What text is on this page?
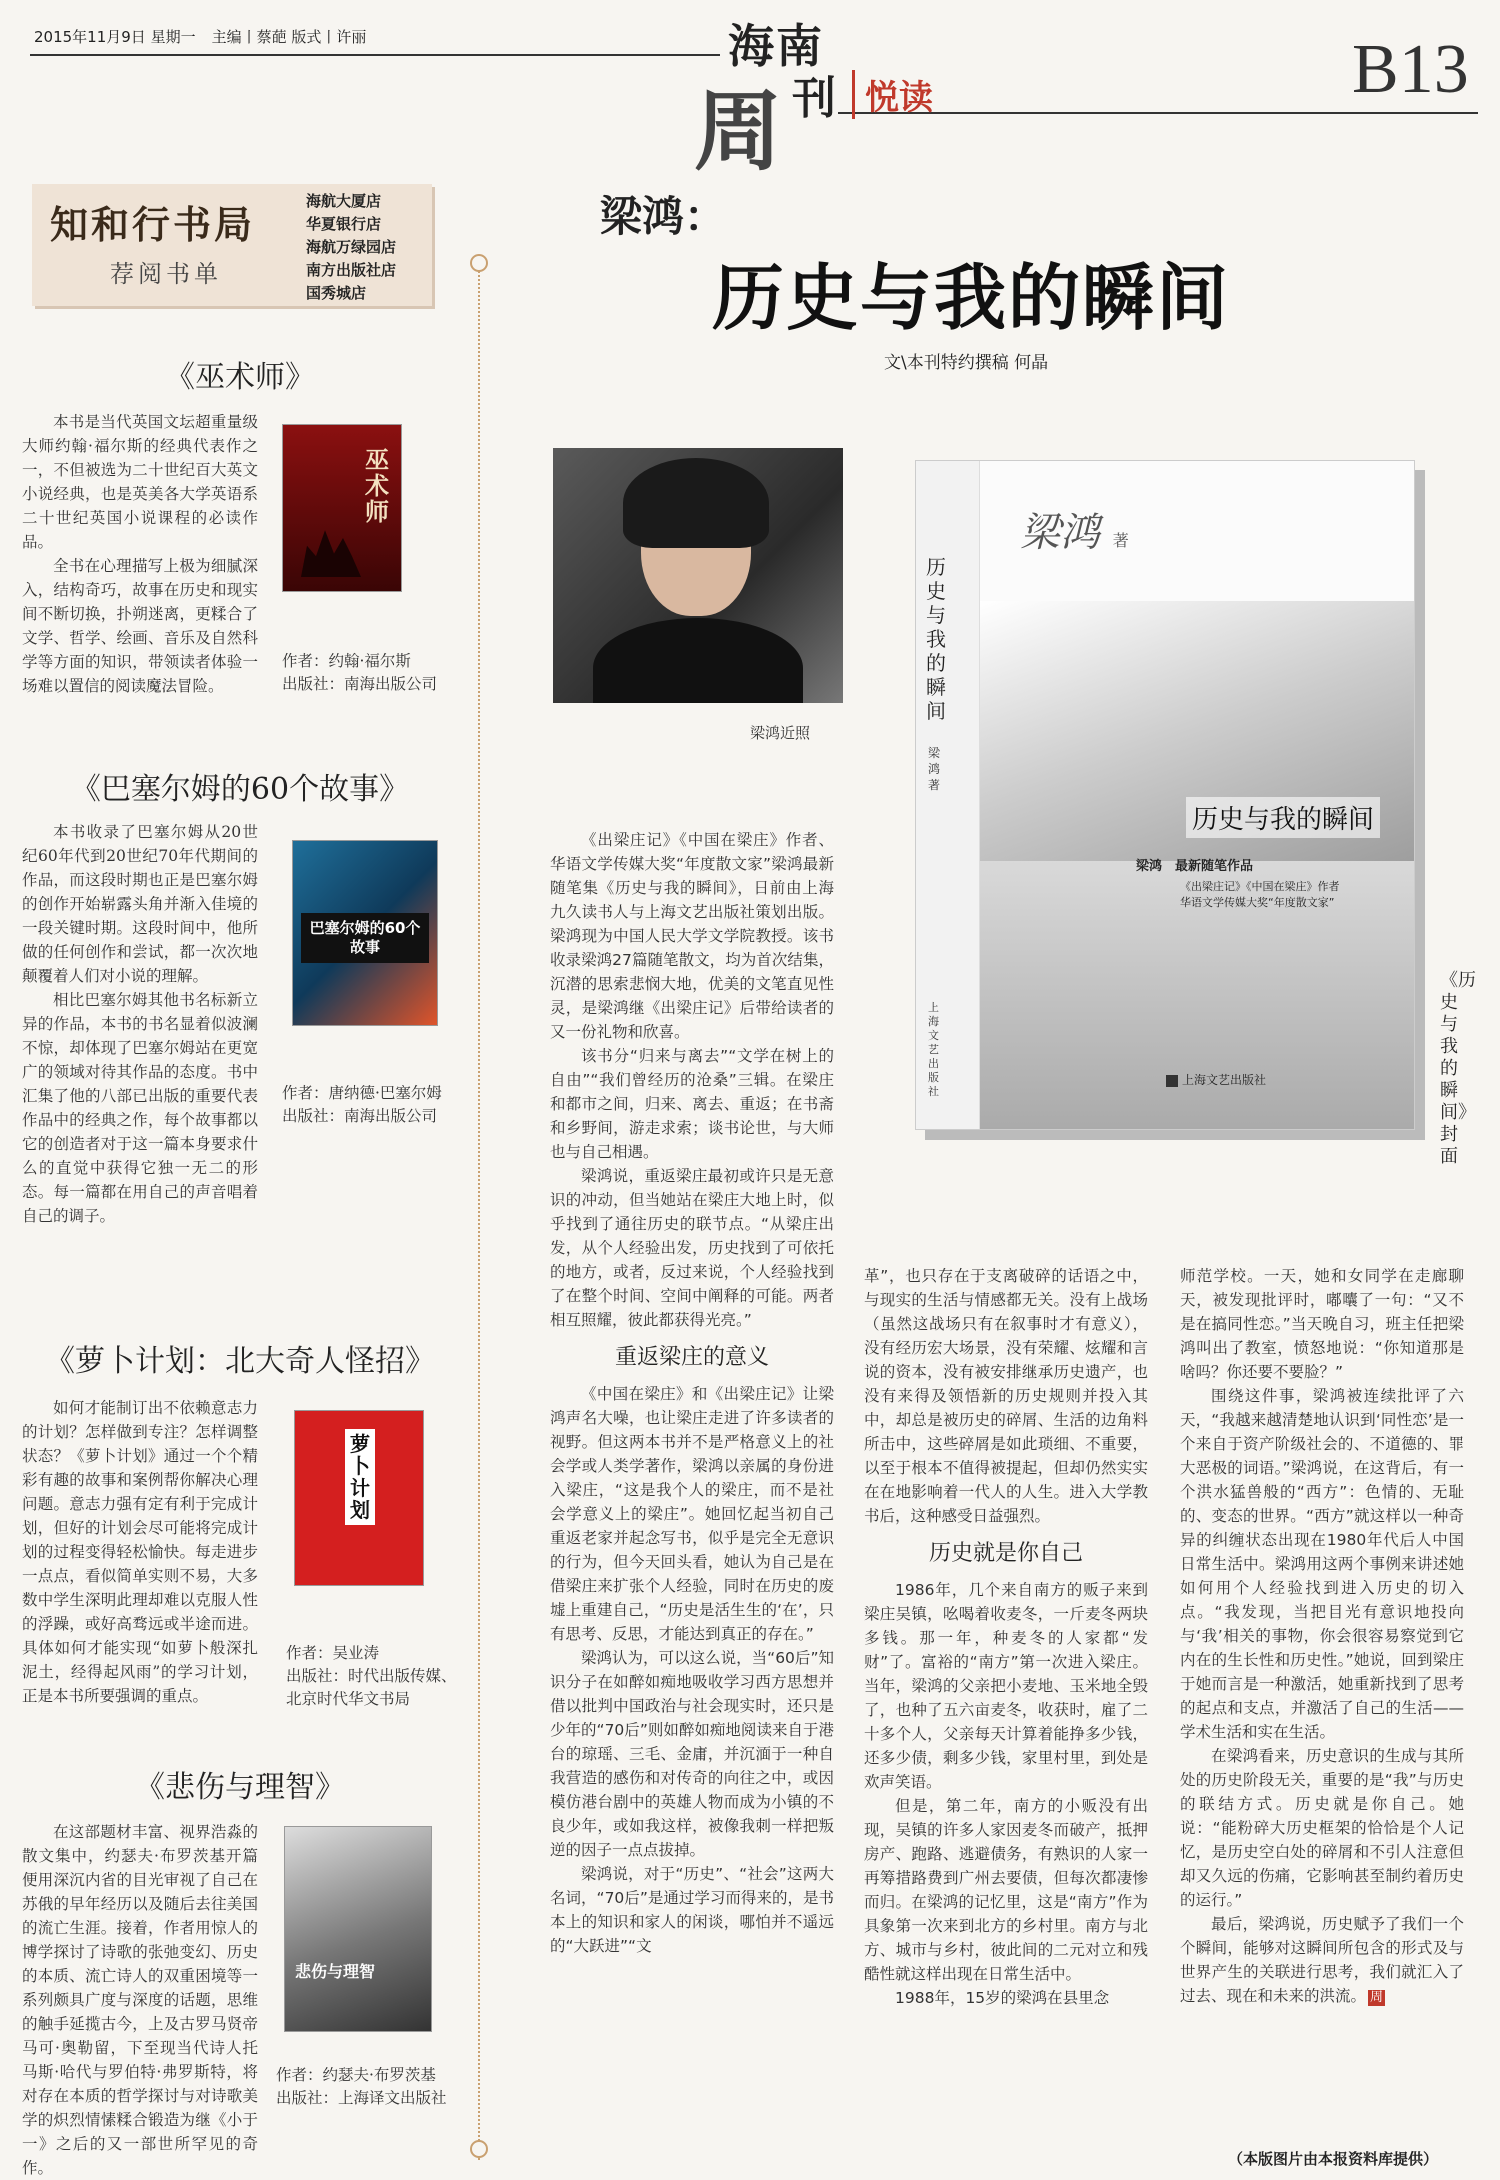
2015年11月9日 星期一 主编丨蔡葩 版式丨许丽	海南
周 刊 悦读	B13
知和行书局
荐阅书单
海航大厦店
华夏银行店
海航万绿园店
南方出版社店
国秀城店
《巫术师》

本书是当代英国文坛超重量级大师约翰·福尔斯的经典代表作之一，不但被选为二十世纪百大英文小说经典，也是英美各大学英语系二十世纪英国小说课程的必读作品。

全书在心理描写上极为细腻深入，结构奇巧，故事在历史和现实间不断切换，扑朔迷离，更糅合了文学、哲学、绘画、音乐及自然科学等方面的知识，带领读者体验一场难以置信的阅读魔法冒险。

巫术师
作者：约翰·福尔斯
出版社：南海出版公司
《巴塞尔姆的60个故事》

本书收录了巴塞尔姆从20世纪60年代到20世纪70年代期间的作品，而这段时期也正是巴塞尔姆的创作开始崭露头角并渐入佳境的一段关键时期。这段时间中，他所做的任何创作和尝试，都一次次地颠覆着人们对小说的理解。

相比巴塞尔姆其他书名标新立异的作品，本书的书名显着似波澜不惊，却体现了巴塞尔姆站在更宽广的领域对待其作品的态度。书中汇集了他的八部已出版的重要代表作品中的经典之作，每个故事都以它的创造者对于这一篇本身要求什么的直觉中获得它独一无二的形态。每一篇都在用自己的声音唱着自己的调子。

巴塞尔姆的60个故事
作者：唐纳德·巴塞尔姆
出版社：南海出版公司
《萝卜计划：北大奇人怪招》

如何才能制订出不依赖意志力的计划？怎样做到专注？怎样调整状态？《萝卜计划》通过一个个精彩有趣的故事和案例帮你解决心理问题。意志力强有定有利于完成计划，但好的计划会尽可能将完成计划的过程变得轻松愉快。每走进步一点点，看似简单实则不易，大多数中学生深明此理却难以克服人性的浮躁，或好高骛远或半途而进。具体如何才能实现“如萝卜般深扎泥土，经得起风雨”的学习计划，正是本书所要强调的重点。

萝卜计划
作者：吴业涛
出版社：时代出版传媒、北京时代华文书局
《悲伤与理智》

在这部题材丰富、视界浩淼的散文集中，约瑟夫·布罗茨基开篇便用深沉内省的目光审视了自己在苏俄的早年经历以及随后去往美国的流亡生涯。接着，作者用惊人的博学探讨了诗歌的张弛变幻、历史的本质、流亡诗人的双重困境等一系列颇具广度与深度的话题，思维的触手延揽古今，上及古罗马贤帝马可·奥勒留，下至现当代诗人托马斯·哈代与罗伯特·弗罗斯特，将对存在本质的哲学探讨与对诗歌美学的炽烈情愫糅合锻造为继《小于一》之后的又一部世所罕见的奇作。

悲伤与理智
作者：约瑟夫·布罗茨基
出版社：上海译文出版社
梁鸿：
历史与我的瞬间
文\本刊特约撰稿 何晶
梁鸿近照
历史与我的瞬间
梁鸿 著
上海文艺出版社
梁鸿 著
历史与我的瞬间
梁鸿　最新随笔作品
《出梁庄记》《中国在梁庄》作者
华语文学传媒大奖“年度散文家”
上海文艺出版社
《历史与我的瞬间》封面

《出梁庄记》《中国在梁庄》作者、华语文学传媒大奖“年度散文家”梁鸿最新随笔集《历史与我的瞬间》，日前由上海九久读书人与上海文艺出版社策划出版。梁鸿现为中国人民大学文学院教授。该书收录梁鸿27篇随笔散文，均为首次结集，沉潜的思索悲悯大地，优美的文笔直见性灵，是梁鸿继《出梁庄记》后带给读者的又一份礼物和欣喜。

该书分“归来与离去”“文学在树上的自由”“我们曾经历的沧桑”三辑。在梁庄和都市之间，归来、离去、重返；在书斋和乡野间，游走求索；谈书论世，与大师也与自己相遇。

梁鸿说，重返梁庄最初或许只是无意识的冲动，但当她站在梁庄大地上时，似乎找到了通往历史的联节点。“从梁庄出发，从个人经验出发，历史找到了可依托的地方，或者，反过来说，个人经验找到了在整个时间、空间中阐释的可能。两者相互照耀，彼此都获得光亮。”

重返梁庄的意义

《中国在梁庄》和《出梁庄记》让梁鸿声名大噪，也让梁庄走进了许多读者的视野。但这两本书并不是严格意义上的社会学或人类学著作，梁鸿以亲属的身份进入梁庄，“这是我个人的梁庄，而不是社会学意义上的梁庄”。她回忆起当初自己重返老家并起念写书，似乎是完全无意识的行为，但今天回头看，她认为自己是在借梁庄来扩张个人经验，同时在历史的废墟上重建自己，“历史是活生生的‘在’，只有思考、反思，才能达到真正的存在。”

梁鸿认为，可以这么说，当“60后”知识分子在如醉如痴地吸收学习西方思想并借以批判中国政治与社会现实时，还只是少年的“70后”则如醉如痴地阅读来自于港台的琼瑶、三毛、金庸，并沉湎于一种自我营造的感伤和对传奇的向往之中，或因模仿港台剧中的英雄人物而成为小镇的不良少年，或如我这样，被像我刺一样把叛逆的因子一点点拔掉。

梁鸿说，对于“历史”、“社会”这两大名词，“70后”是通过学习而得来的，是书本上的知识和家人的闲谈，哪怕并不遥远的“大跃进”“文

革”，也只存在于支离破碎的话语之中，与现实的生活与情感都无关。没有上战场（虽然这战场只有在叙事时才有意义），没有经历宏大场景，没有荣耀、炫耀和言说的资本，没有被安排继承历史遗产，也没有来得及领悟新的历史规则并投入其中，却总是被历史的碎屑、生活的边角料所击中，这些碎屑是如此琐细、不重要，以至于根本不值得被提起，但却仍然实实在在地影响着一代人的人生。进入大学教书后，这种感受日益强烈。

历史就是你自己

1986年，几个来自南方的贩子来到梁庄吴镇，吆喝着收麦冬，一斤麦冬两块多钱。那一年，种麦冬的人家都“发财”了。富裕的“南方”第一次进入梁庄。当年，梁鸿的父亲把小麦地、玉米地全毁了，也种了五六亩麦冬，收获时，雇了二十多个人，父亲每天计算着能挣多少钱，还多少债，剩多少钱，家里村里，到处是欢声笑语。

但是，第二年，南方的小贩没有出现，吴镇的许多人家因麦冬而破产，抵押房产、跑路、逃避债务，有熟识的人家一再筹措路费到广州去要债，但每次都凄惨而归。在梁鸿的记忆里，这是“南方”作为具象第一次来到北方的乡村里。南方与北方、城市与乡村，彼此间的二元对立和残酷性就这样出现在日常生活中。

1988年，15岁的梁鸿在县里念

师范学校。一天，她和女同学在走廊聊天，被发现批评时，嘟囔了一句：“又不是在搞同性恋。”当天晚自习，班主任把梁鸿叫出了教室，愤怒地说：“你知道那是啥吗？你还要不要脸？”

围绕这件事，梁鸿被连续批评了六天，“我越来越清楚地认识到‘同性恋’是一个来自于资产阶级社会的、不道德的、罪大恶极的词语。”梁鸿说，在这背后，有一个洪水猛兽般的“西方”：色情的、无耻的、变态的世界。“西方”就这样以一种奇异的纠缠状态出现在1980年代后人中国日常生活中。梁鸿用这两个事例来讲述她如何用个人经验找到进入历史的切入点。“我发现，当把目光有意识地投向与‘我’相关的事物，你会很容易察觉到它内在的生长性和历史性。”她说，回到梁庄于她而言是一种激活，她重新找到了思考的起点和支点，并激活了自己的生活——学术生活和实在生活。

在梁鸿看来，历史意识的生成与其所处的历史阶段无关，重要的是“我”与历史的联结方式。历史就是你自己。她说：“能粉碎大历史框架的恰恰是个人记忆，是历史空白处的碎屑和不引人注意但却又久远的伤痛，它影响甚至制约着历史的运行。”

最后，梁鸿说，历史赋予了我们一个个瞬间，能够对这瞬间所包含的形式及与世界产生的关联进行思考，我们就汇入了过去、现在和未来的洪流。 周

（本版图片由本报资料库提供）
